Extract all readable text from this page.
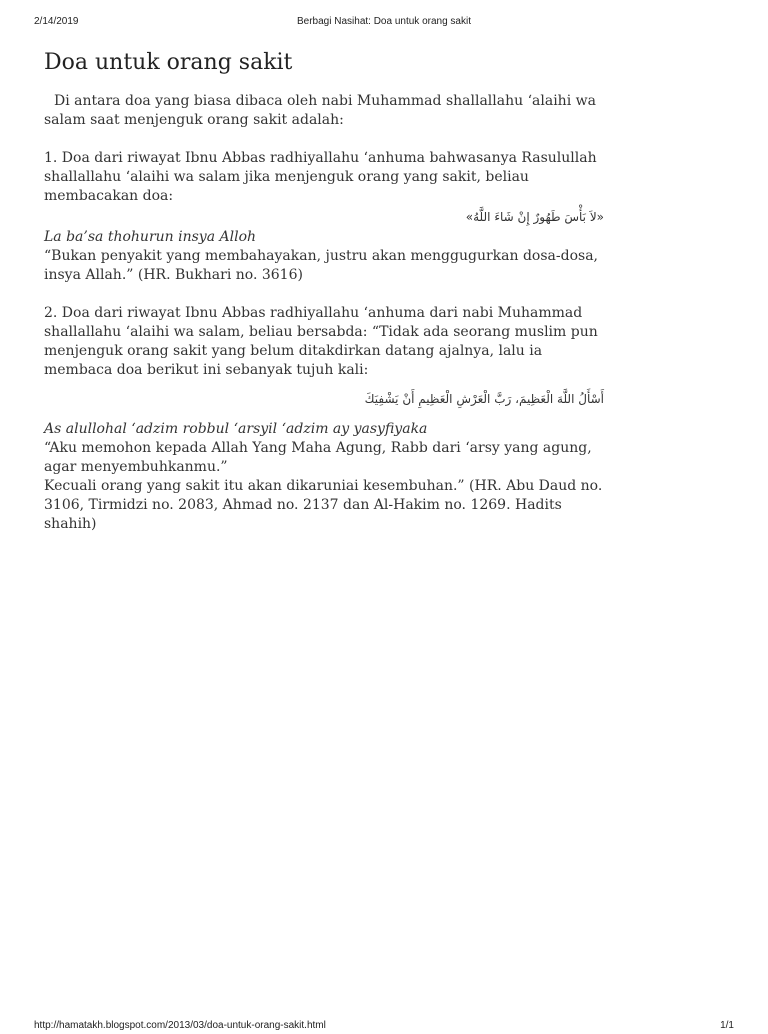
2/14/2019	Berbagi Nasihat: Doa untuk orang sakit
Doa untuk orang sakit

Di antara doa yang biasa dibaca oleh nabi Muhammad shallallahu ‘alaihi wa salam saat menjenguk orang sakit adalah:

1. Doa dari riwayat Ibnu Abbas radhiyallahu ‘anhuma bahwasanya Rasulullah shallallahu ‘alaihi wa salam jika menjenguk orang yang sakit, beliau membacakan doa:

«لاَ بَأْسَ طَهُورٌ إِنْ شَاءَ اللَّهُ»

La ba’sa thohurun insya Alloh

“Bukan penyakit yang membahayakan, justru akan menggugurkan dosa-dosa, insya Allah.” (HR. Bukhari no. 3616)

2. Doa dari riwayat Ibnu Abbas radhiyallahu ‘anhuma dari nabi Muhammad shallallahu ‘alaihi wa salam, beliau bersabda: “Tidak ada seorang muslim pun menjenguk orang sakit yang belum ditakdirkan datang ajalnya, lalu ia membaca doa berikut ini sebanyak tujuh kali:

أَسْأَلُ اللَّهَ الْعَظِيمَ، رَبَّ الْعَرْشِ الْعَظِيمِ أَنْ يَشْفِيَكَ

As alullohal ‘adzim robbul ‘arsyil ‘adzim ay yasyfiyaka

“Aku memohon kepada Allah Yang Maha Agung, Rabb dari ‘arsy yang agung, agar menyembuhkanmu.”

Kecuali orang yang sakit itu akan dikaruniai kesembuhan.” (HR. Abu Daud no. 3106, Tirmidzi no. 2083, Ahmad no. 2137 dan Al-Hakim no. 1269. Hadits shahih)

http://hamatakh.blogspot.com/2013/03/doa-untuk-orang-sakit.html	1/1
